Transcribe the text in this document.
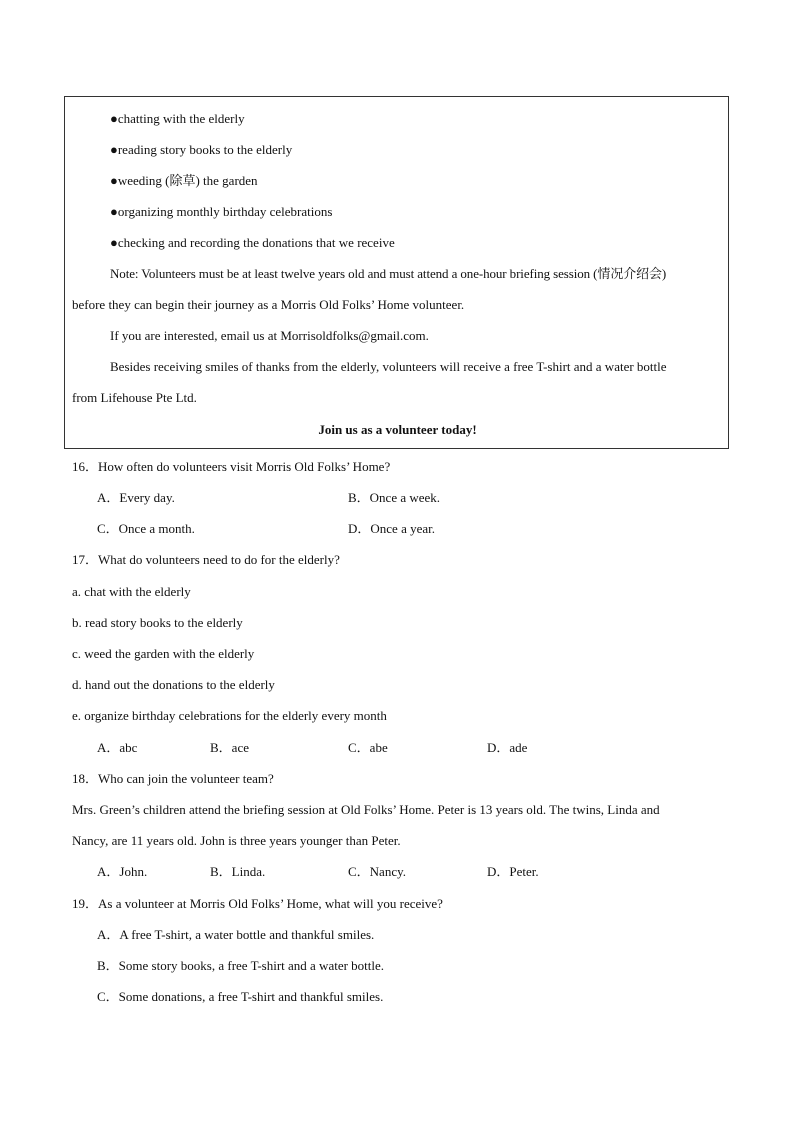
●chatting with the elderly
●reading story books to the elderly
●weeding (除草) the garden
●organizing monthly birthday celebrations
●checking and recording the donations that we receive
Note: Volunteers must be at least twelve years old and must attend a one-hour briefing session (情况介绍会)
before they can begin their journey as a Morris Old Folks’ Home volunteer.
If you are interested, email us at Morrisoldfolks@gmail.com.
Besides receiving smiles of thanks from the elderly, volunteers will receive a free T-shirt and a water bottle
from Lifehouse Pte Ltd.
Join us as a volunteer today!
16．How often do volunteers visit Morris Old Folks’ Home?
A．Every day.	B．Once a week.
C．Once a month.	D．Once a year.
17．What do volunteers need to do for the elderly?
a. chat with the elderly
b. read story books to the elderly
c. weed the garden with the elderly
d. hand out the donations to the elderly
e. organize birthday celebrations for the elderly every month
A．abc	B．ace	C．abe	D．ade
18．Who can join the volunteer team?
Mrs. Green’s children attend the briefing session at Old Folks’ Home. Peter is 13 years old. The twins, Linda and
Nancy, are 11 years old. John is three years younger than Peter.
A．John.	B．Linda.	C．Nancy.	D．Peter.
19．As a volunteer at Morris Old Folks’ Home, what will you receive?
A．A free T-shirt, a water bottle and thankful smiles.
B．Some story books, a free T-shirt and a water bottle.
C．Some donations, a free T-shirt and thankful smiles.
